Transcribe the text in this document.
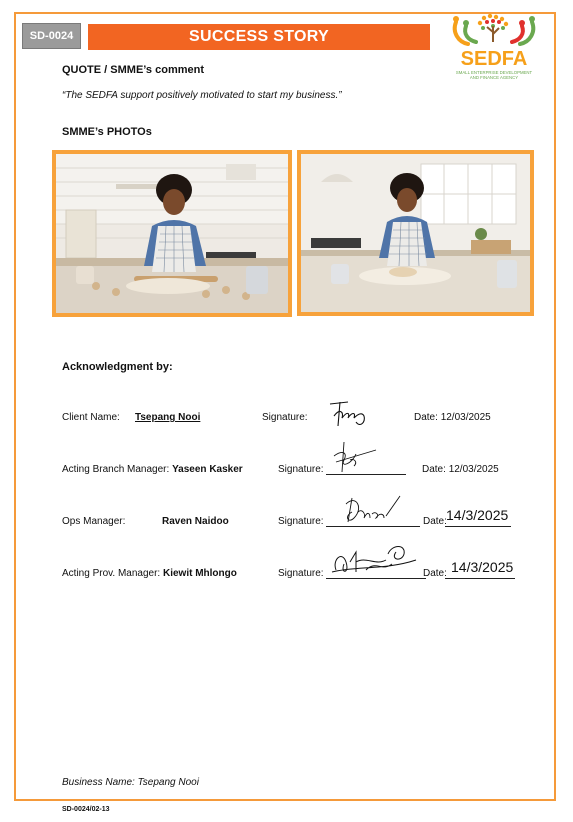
SD-0024	SUCCESS STORY
SEDFA
SMALL ENTERPRISE DEVELOPMENT
AND FINANCE AGENCY
QUOTE / SMME’s comment
“The SEDFA support positively motivated to start my business.”
SMME’s PHOTOs
Acknowledgment by:
Client Name: Tsepang Nooi	Signature:	Date: 12/03/2025
Acting Branch Manager: Yaseen Kasker	Signature:	Date: 12/03/2025
Ops Manager:	Raven Naidoo	Signature:	Date: 14/3/2025
Acting Prov. Manager: Kiewit Mhlongo	Signature:	Date: 14/3/2025
Business Name: Tsepang Nooi
SD-0024/02-13
